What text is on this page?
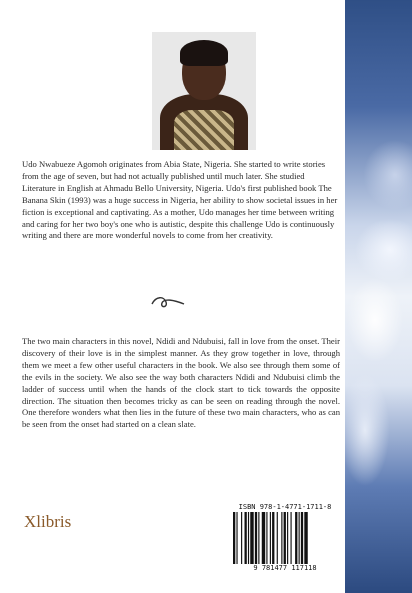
Udo Nwabueze Agomoh originates from Abia State, Nigeria. She started to write stories from the age of seven, but had not actually published until much later. She studied Literature in English at Ahmadu Bello University, Nigeria. Udo's first published book The Banana Skin (1993) was a huge success in Nigeria, her ability to show societal issues in her fiction is exceptional and captivating. As a mother, Udo manages her time between writing and caring for her two boy's one who is autistic, despite this challenge Udo is continuously writing and there are more wonderful novels to come from her creativity.

The two main characters in this novel, Ndidi and Ndubuisi, fall in love from the onset. Their discovery of their love is in the simplest manner. As they grow together in love, through them we meet a few other useful characters in the book. We also see through them some of the evils in the society. We also see the way both characters Ndidi and Ndubuisi climb the ladder of success until when the hands of the clock start to tick towards the opposite direction. The situation then becomes tricky as can be seen on reading through the novel. One therefore wonders what then lies in the future of these two main characters, who as can be seen from the onset had started on a clean slate.

Xlibris
ISBN 978-1-4771-1711-8
9 781477 117118
